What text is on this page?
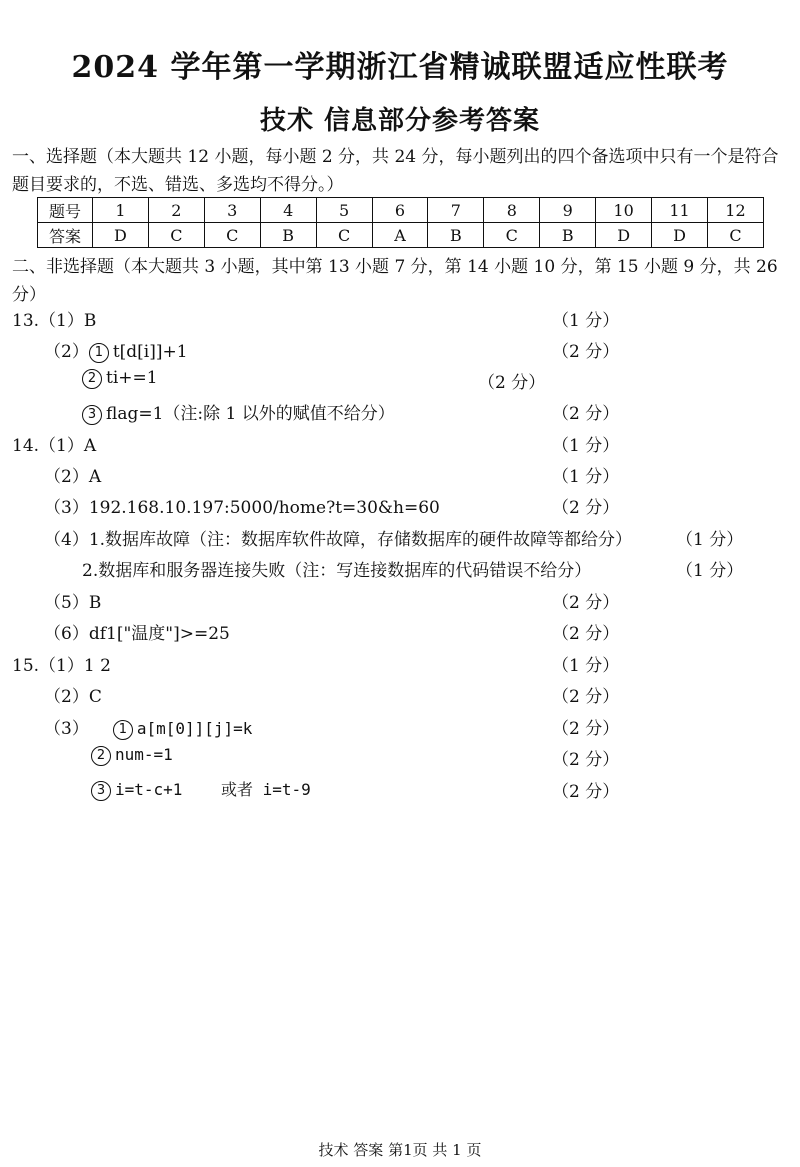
2024 学年第一学期浙江省精诚联盟适应性联考
技术 信息部分参考答案
一、选择题（本大题共 12 小题，每小题 2 分，共 24 分，每小题列出的四个备选项中只有一个是符合题目要求的，不选、错选、多选均不得分。）
题号	1	2	3	4	5	6	7	8	9	10	11	12
答案	D	C	C	B	C	A	B	C	B	D	D	C
二、非选择题（本大题共 3 小题，其中第 13 小题 7 分，第 14 小题 10 分，第 15 小题 9 分，共 26 分）
13.（1）B	（1 分）
（2） 1 t[d[i]]+1	（2 分）
2 ti+=1	（2 分）
3 flag=1（注:除 1 以外的赋值不给分）	（2 分）
14.（1）A	（1 分）
（2）A	（1 分）
（3）192.168.10.197:5000/home?t=30&h=60	（2 分）
（4）1.数据库故障（注：数据库软件故障，存储数据库的硬件故障等都给分）	（1 分）
2.数据库和服务器连接失败（注：写连接数据库的代码错误不给分）	（1 分）
（5）B	（2 分）
（6）df1["温度"]>=25	（2 分）
15.（1）1 2	（1 分）
（2）C	（2 分）
（3） 1 a[m[0]][j]=k	（2 分）
2 num-=1	（2 分）
3 i=t-c+1    或者 i=t-9	（2 分）
技术 答案 第1页 共 1 页
